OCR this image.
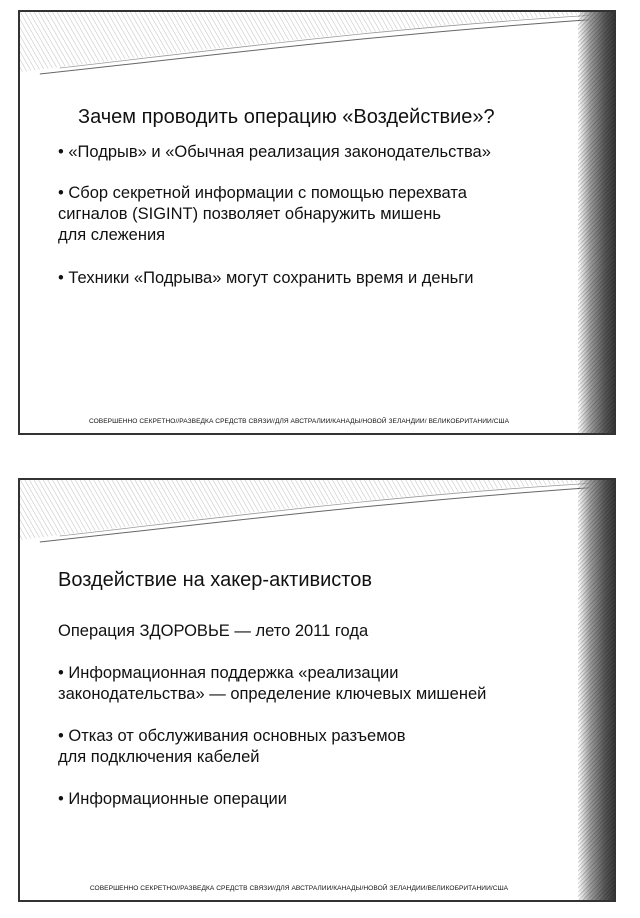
Зачем проводить операцию «Воздействие»?
• «Подрыв» и «Обычная реализация законодательства»
• Сбор секретной информации с помощью перехвата
сигналов (SIGINT) позволяет обнаружить мишень
для слежения
• Техники «Подрыва» могут сохранить время и деньги
СОВЕРШЕННО СЕКРЕТНО//РАЗВЕДКА СРЕДСТВ СВЯЗИ//ДЛЯ АВСТРАЛИИ/КАНАДЫ/НОВОЙ ЗЕЛАНДИИ/ ВЕЛИКОБРИТАНИИ/США
Воздействие на хакер-активистов
Операция ЗДОРОВЬЕ — лето 2011 года
• Информационная поддержка «реализации
законодательства» — определение ключевых мишеней
• Отказ от обслуживания основных разъемов
для подключения кабелей
• Информационные операции
СОВЕРШЕННО СЕКРЕТНО//РАЗВЕДКА СРЕДСТВ СВЯЗИ//ДЛЯ АВСТРАЛИИ/КАНАДЫ/НОВОЙ ЗЕЛАНДИИ/ВЕЛИКОБРИТАНИИ/США
